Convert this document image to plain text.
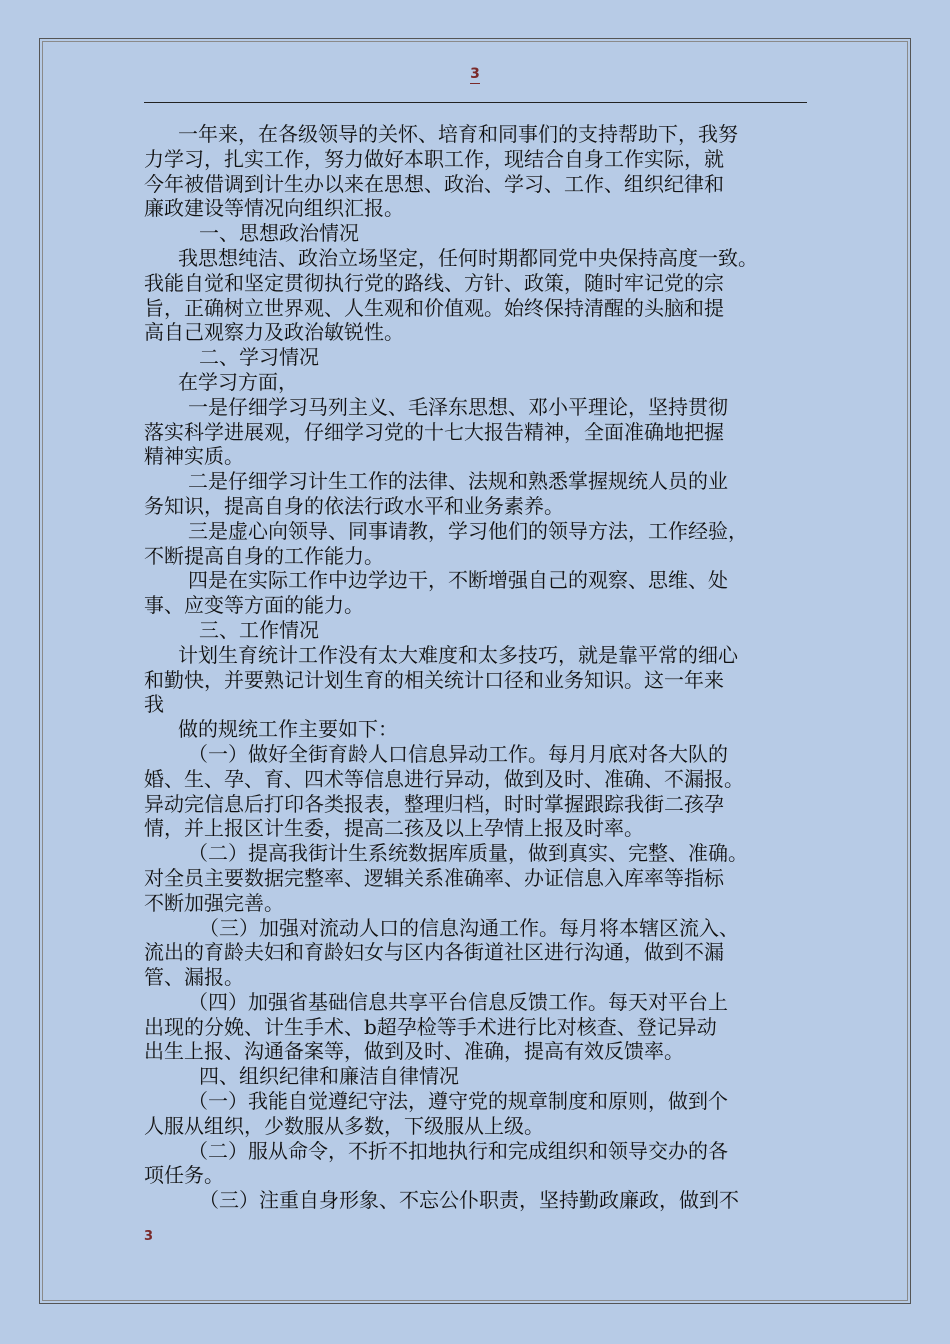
3
一年来，在各级领导的关怀、培育和同事们的支持帮助下，我努
力学习，扎实工作，努力做好本职工作，现结合自身工作实际，就
今年被借调到计生办以来在思想、政治、学习、工作、组织纪律和
廉政建设等情况向组织汇报。
一、思想政治情况
我思想纯洁、政治立场坚定，任何时期都同党中央保持高度一致。
我能自觉和坚定贯彻执行党的路线、方针、政策，随时牢记党的宗
旨，正确树立世界观、人生观和价值观。始终保持清醒的头脑和提
高自己观察力及政治敏锐性。
二、学习情况
在学习方面，
一是仔细学习马列主义、毛泽东思想、邓小平理论，坚持贯彻
落实科学进展观，仔细学习党的十七大报告精神，全面准确地把握
精神实质。
二是仔细学习计生工作的法律、法规和熟悉掌握规统人员的业
务知识，提高自身的依法行政水平和业务素养。
三是虚心向领导、同事请教，学习他们的领导方法，工作经验，
不断提高自身的工作能力。
四是在实际工作中边学边干，不断增强自己的观察、思维、处
事、应变等方面的能力。
三、工作情况
计划生育统计工作没有太大难度和太多技巧，就是靠平常的细心
和勤快，并要熟记计划生育的相关统计口径和业务知识。这一年来
我
做的规统工作主要如下：
（一）做好全街育龄人口信息异动工作。每月月底对各大队的
婚、生、孕、育、四术等信息进行异动，做到及时、准确、不漏报。
异动完信息后打印各类报表，整理归档，时时掌握跟踪我街二孩孕
情，并上报区计生委，提高二孩及以上孕情上报及时率。
（二）提高我街计生系统数据库质量，做到真实、完整、准确。
对全员主要数据完整率、逻辑关系准确率、办证信息入库率等指标
不断加强完善。
（三）加强对流动人口的信息沟通工作。每月将本辖区流入、
流出的育龄夫妇和育龄妇女与区内各街道社区进行沟通，做到不漏
管、漏报。
（四）加强省基础信息共享平台信息反馈工作。每天对平台上
出现的分娩、计生手术、b超孕检等手术进行比对核查、登记异动
出生上报、沟通备案等，做到及时、准确，提高有效反馈率。
四、组织纪律和廉洁自律情况
（一）我能自觉遵纪守法，遵守党的规章制度和原则，做到个
人服从组织，少数服从多数，下级服从上级。
（二）服从命令，不折不扣地执行和完成组织和领导交办的各
项任务。
（三）注重自身形象、不忘公仆职责，坚持勤政廉政，做到不
3
